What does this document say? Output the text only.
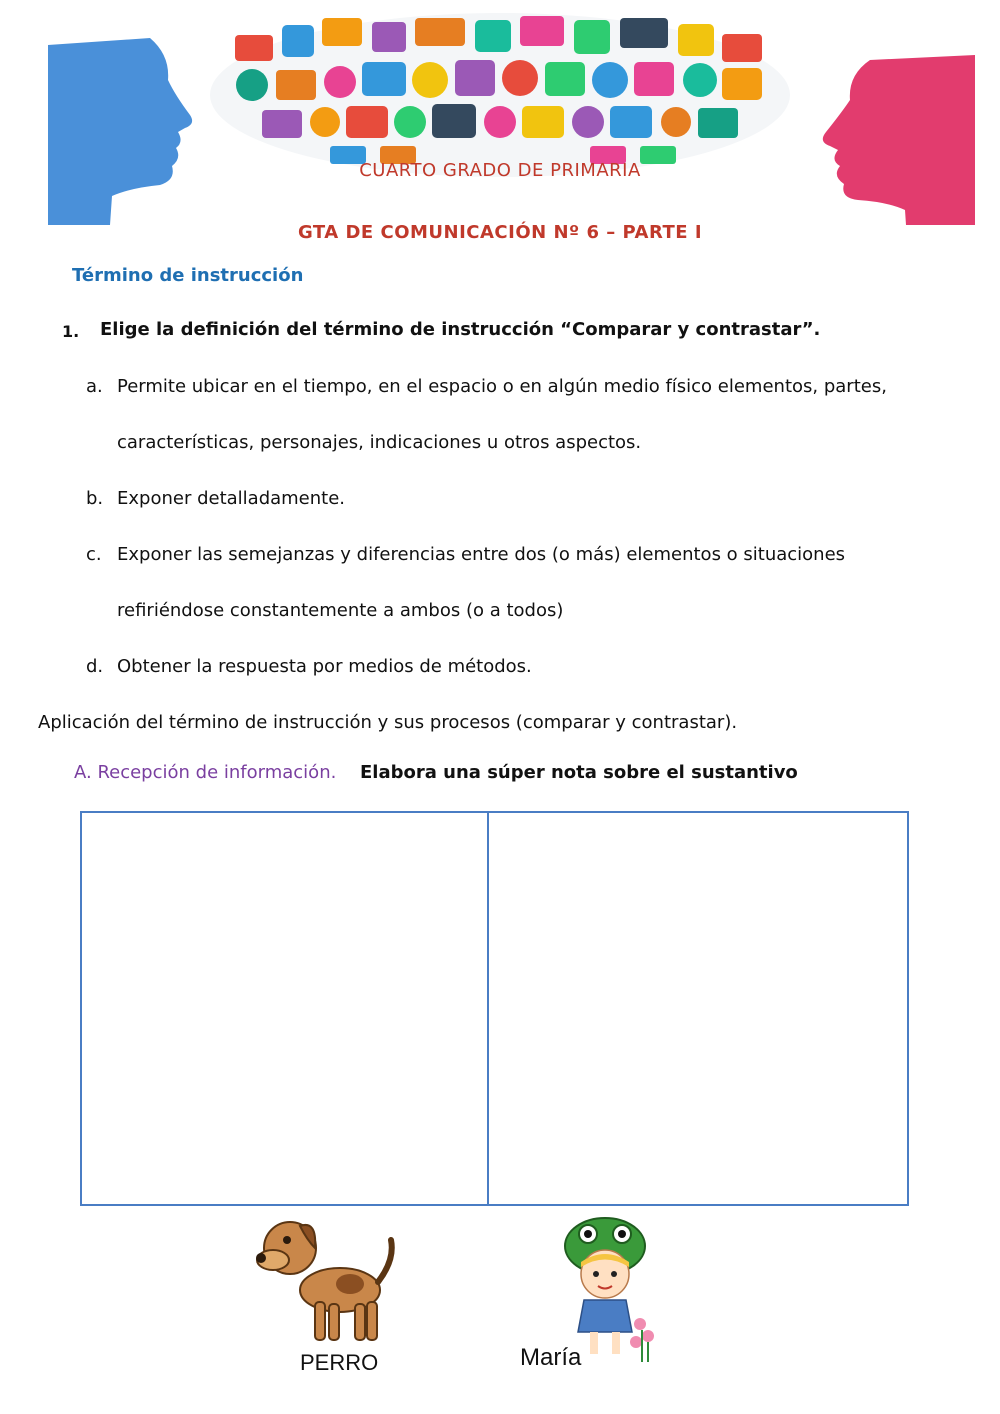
CUARTO GRADO DE PRIMARIA
GTA DE COMUNICACIÓN Nº 6 – PARTE I
Término de instrucción
1. Elige la definición del término de instrucción “Comparar y contrastar”.
a. Permite ubicar en el tiempo, en el espacio o en algún medio físico elementos, partes,
características, personajes, indicaciones u otros aspectos.
b. Exponer detalladamente.
c. Exponer las semejanzas y diferencias entre dos (o más) elementos o situaciones
refiriéndose constantemente a ambos (o a todos)
d. Obtener la respuesta por medios de métodos.
Aplicación del término de instrucción y sus procesos (comparar y contrastar).
A. Recepción de información. Elabora una súper nota sobre el sustantivo
PERRO	María
